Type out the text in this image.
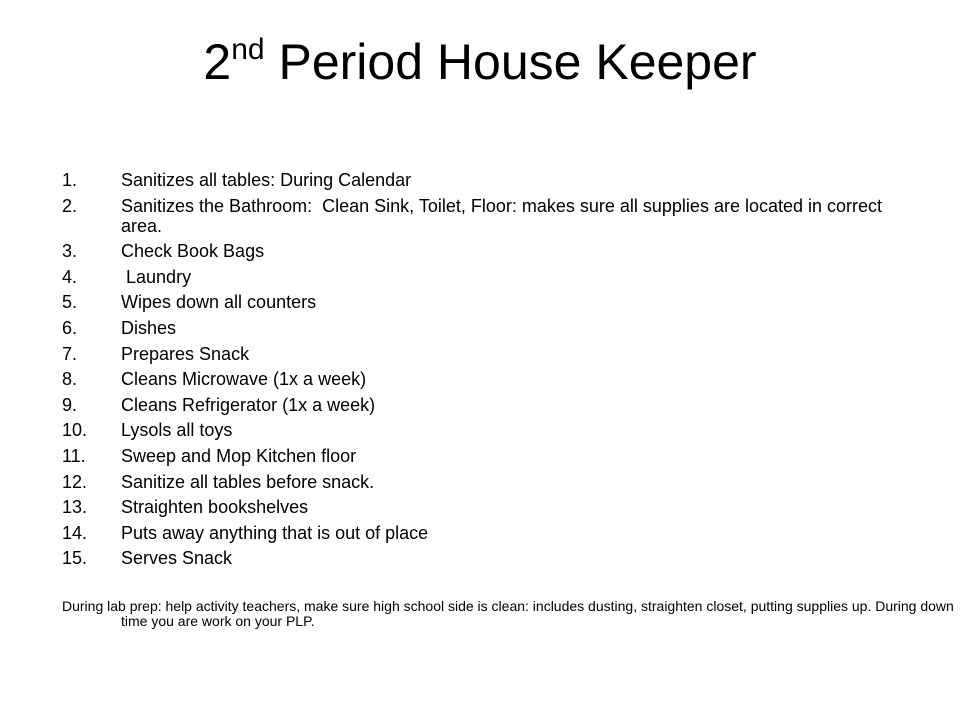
2nd Period House Keeper
1.	Sanitizes all tables: During Calendar
2.	Sanitizes the Bathroom:  Clean Sink, Toilet, Floor: makes sure all supplies are located in correct area.
3.	Check Book Bags
4.	Laundry
5.	Wipes down all counters
6.	Dishes
7.	Prepares Snack
8.	Cleans Microwave (1x a week)
9.	Cleans Refrigerator (1x a week)
10.	Lysols all toys
11.	Sweep and Mop Kitchen floor
12.	Sanitize all tables before snack.
13.	Straighten bookshelves
14.	Puts away anything that is out of place
15.	Serves Snack

During lab prep: help activity teachers, make sure high school side is clean: includes dusting, straighten closet, putting supplies up. During down time you are work on your PLP.
